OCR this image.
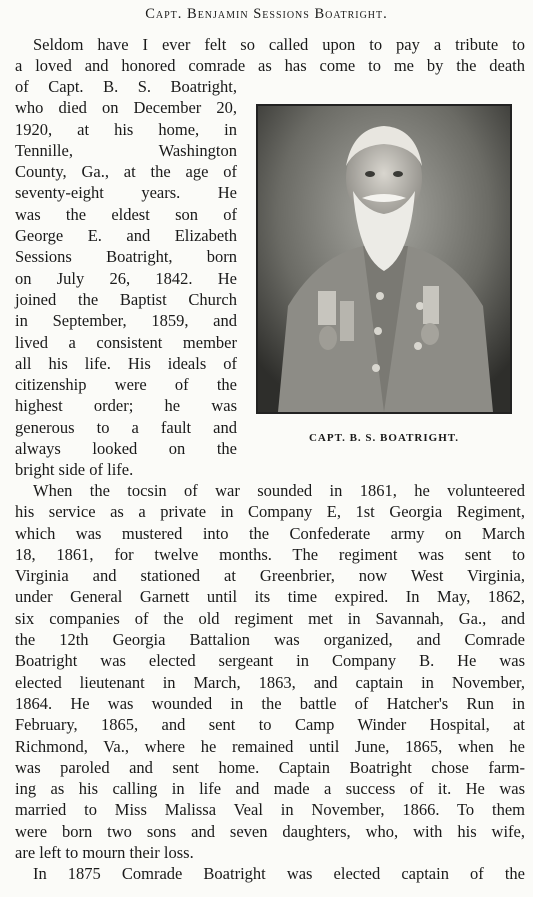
Capt. Benjamin Sessions Boatright.

Seldom have I ever felt so called upon to pay a tribute to

a loved and honored comrade as has come to me by the death

of Capt. B. S. Boatright,
who died on December 20,
1920, at his home, in
Tennille, Washington
County, Ga., at the age of
seventy-eight years. He
was the eldest son of
George E. and Elizabeth
Sessions Boatright, born
on July 26, 1842. He
joined the Baptist Church
in September, 1859, and
lived a consistent member
all his life. His ideals of
citizenship were of the
highest order; he was
generous to a fault and
always looked on the
bright side of life.
CAPT. B. S. BOATRIGHT.
When the tocsin of war sounded in 1861, he volunteered
his service as a private in Company E, 1st Georgia Regiment,
which was mustered into the Confederate army on March
18, 1861, for twelve months. The regiment was sent to
Virginia and stationed at Greenbrier, now West Virginia,
under General Garnett until its time expired. In May, 1862,
six companies of the old regiment met in Savannah, Ga., and
the 12th Georgia Battalion was organized, and Comrade
Boatright was elected sergeant in Company B. He was
elected lieutenant in March, 1863, and captain in November,
1864. He was wounded in the battle of Hatcher's Run in
February, 1865, and sent to Camp Winder Hospital, at
Richmond, Va., where he remained until June, 1865, when he
was paroled and sent home. Captain Boatright chose farm-
ing as his calling in life and made a success of it. He was
married to Miss Malissa Veal in November, 1866. To them
were born two sons and seven daughters, who, with his wife,
are left to mourn their loss.
In 1875 Comrade Boatright was elected captain of the
